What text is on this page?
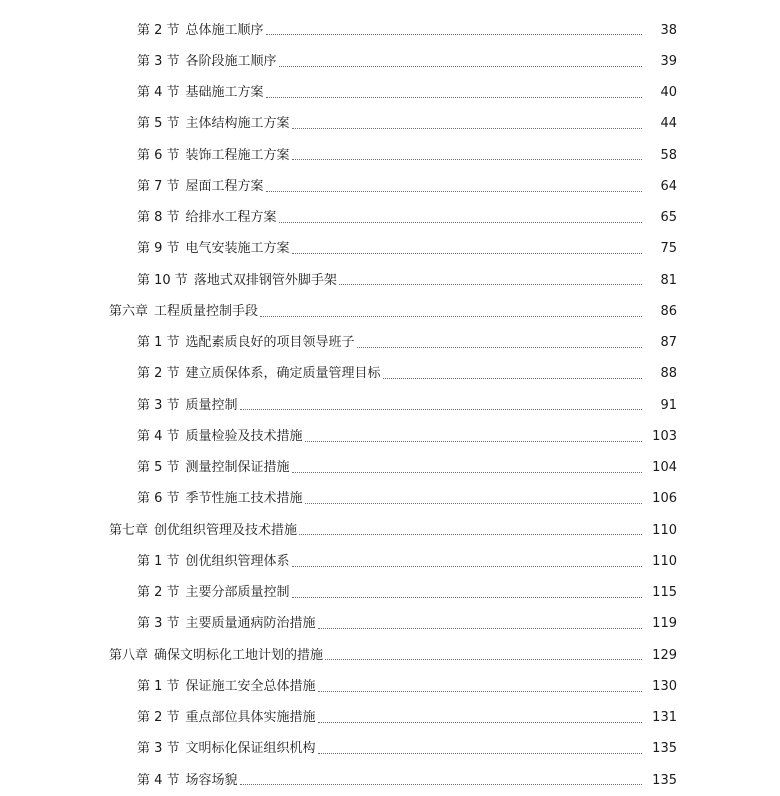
第 2 节 总体施工顺序	38
第 3 节 各阶段施工顺序	39
第 4 节 基础施工方案	40
第 5 节 主体结构施工方案	44
第 6 节 装饰工程施工方案	58
第 7 节 屋面工程方案	64
第 8 节 给排水工程方案	65
第 9 节 电气安装施工方案	75
第 10 节 落地式双排钢管外脚手架	81
第六章 工程质量控制手段	86
第 1 节 选配素质良好的项目领导班子	87
第 2 节 建立质保体系，确定质量管理目标	88
第 3 节 质量控制	91
第 4 节 质量检验及技术措施	103
第 5 节 测量控制保证措施	104
第 6 节 季节性施工技术措施	106
第七章 创优组织管理及技术措施	110
第 1 节 创优组织管理体系	110
第 2 节 主要分部质量控制	115
第 3 节 主要质量通病防治措施	119
第八章 确保文明标化工地计划的措施	129
第 1 节 保证施工安全总体措施	130
第 2 节 重点部位具体实施措施	131
第 3 节 文明标化保证组织机构	135
第 4 节 场容场貌	135
